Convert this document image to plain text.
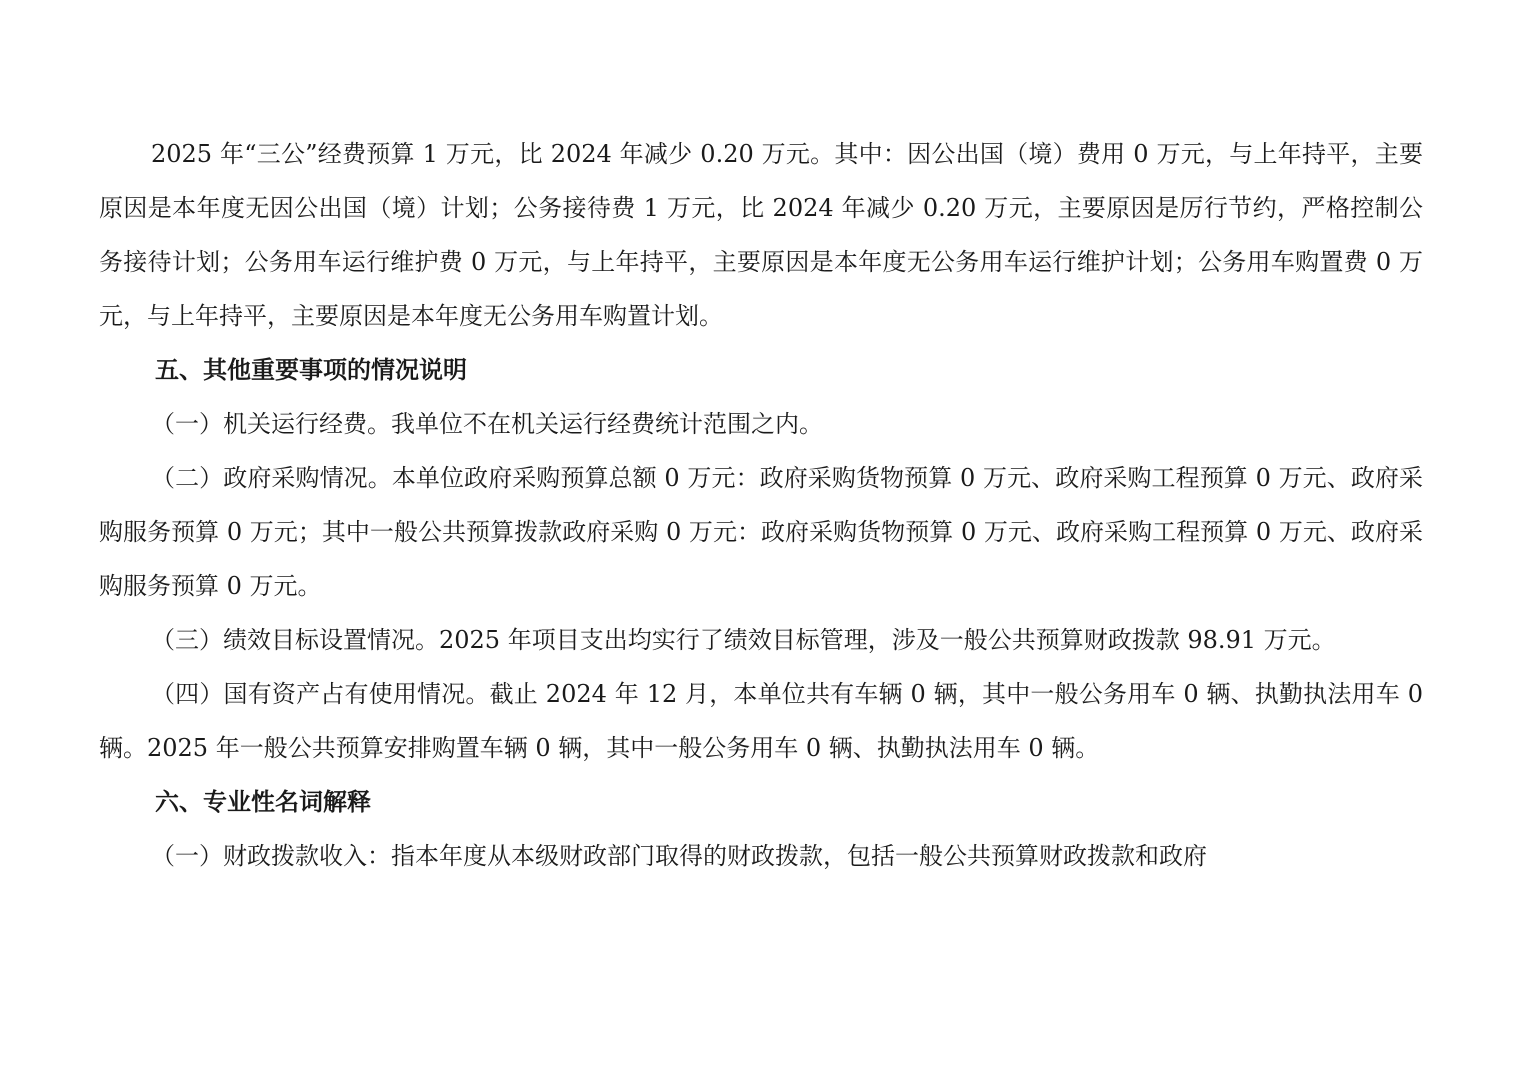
2025 年“三公”经费预算 1 万元，比 2024 年减少 0.20 万元。其中：因公出国（境）费用 0 万元，与上年持平，主要原因是本年度无因公出国（境）计划；公务接待费 1 万元，比 2024 年减少 0.20 万元，主要原因是厉行节约，严格控制公务接待计划；公务用车运行维护费 0 万元，与上年持平，主要原因是本年度无公务用车运行维护计划；公务用车购置费 0 万元，与上年持平，主要原因是本年度无公务用车购置计划。

五、其他重要事项的情况说明

（一）机关运行经费。我单位不在机关运行经费统计范围之内。

（二）政府采购情况。本单位政府采购预算总额 0 万元：政府采购货物预算 0 万元、政府采购工程预算 0 万元、政府采购服务预算 0 万元；其中一般公共预算拨款政府采购 0 万元：政府采购货物预算 0 万元、政府采购工程预算 0 万元、政府采购服务预算 0 万元。

（三）绩效目标设置情况。2025 年项目支出均实行了绩效目标管理，涉及一般公共预算财政拨款 98.91 万元。

（四）国有资产占有使用情况。截止 2024 年 12 月，本单位共有车辆 0 辆，其中一般公务用车 0 辆、执勤执法用车 0 辆。2025 年一般公共预算安排购置车辆 0 辆，其中一般公务用车 0 辆、执勤执法用车 0 辆。

六、专业性名词解释

（一）财政拨款收入：指本年度从本级财政部门取得的财政拨款，包括一般公共预算财政拨款和政府
